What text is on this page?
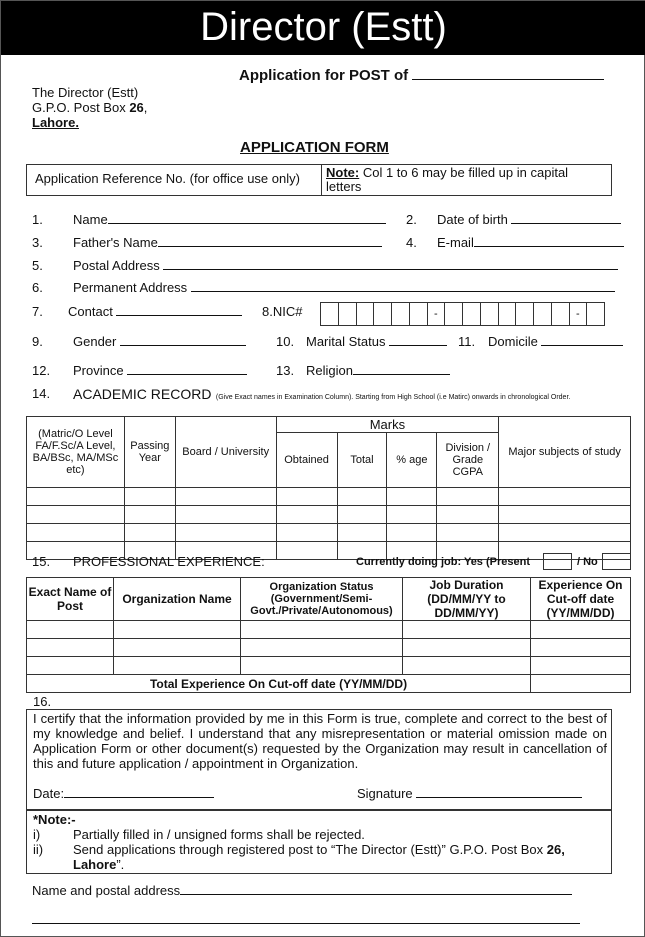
Director (Estt)
Application for POST of
The Director (Estt)
G.P.O. Post Box 26,
Lahore.
APPLICATION FORM
Application Reference No. (for office use only) Note: Col 1 to 6 may be filled up in capital letters
1. Name	2. Date of birth
3. Father's Name	4. E-mail
5. Postal Address
6. Permanent Address
7. Contact	8.NIC#	-	-
9. Gender	10. Marital Status	11. Domicile
12. Province	13. Religion
14. ACADEMIC RECORD (Give Exact names in Examination Column). Starting from High School (i.e Matirc) onwards in chronological Order.
(Matric/O Level FA/F.Sc/A Level, BA/BSc, MA/MSc etc)	Passing Year	Board / University	Marks				Major subjects of study
			Obtained	Total	% age	Division / Grade CGPA	

15. PROFESSIONAL EXPERIENCE:	Currently doing job: Yes (Present	/ No
Exact Name of Post	Organization Name	Organization Status (Government/Semi-Govt./Private/Autonomous)	Job Duration (DD/MM/YY to DD/MM/YY)	Experience On Cut-off date (YY/MM/DD)

Total Experience On Cut-off date (YY/MM/DD)				
16.
I certify that the information provided by me in this Form is true, complete and correct to the best of my knowledge and belief. I understand that any misrepresentation or material omission made on Application Form or other document(s) requested by the Organization may result in cancellation of this and future application / appointment in Organization.
Date:	Signature
*Note:-
i)	Partially filled in / unsigned forms shall be rejected.
ii) Send applications through registered post to “The Director (Estt)” G.P.O. Post Box 26,
Lahore”.
Name and postal address
